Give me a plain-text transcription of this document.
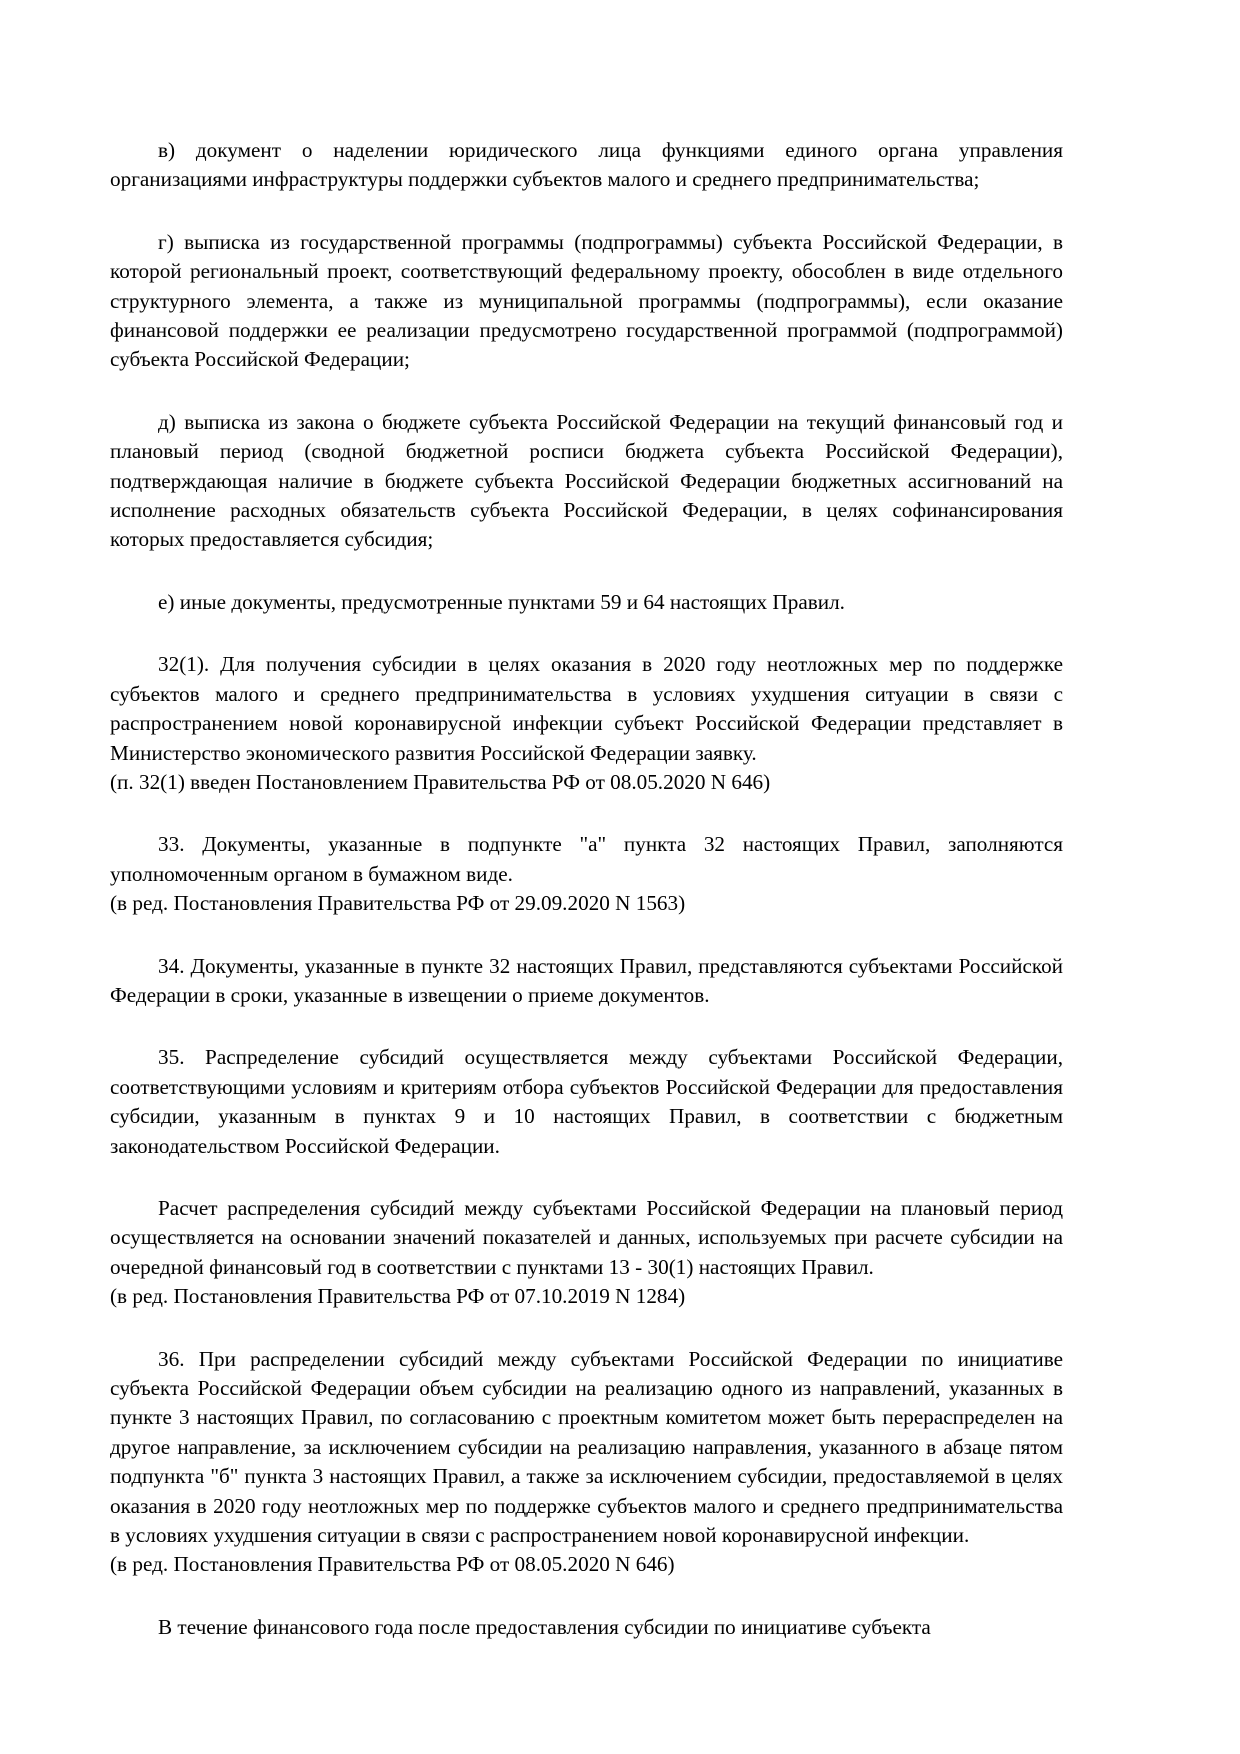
в) документ о наделении юридического лица функциями единого органа управления организациями инфраструктуры поддержки субъектов малого и среднего предпринимательства;

г) выписка из государственной программы (подпрограммы) субъекта Российской Федерации, в которой региональный проект, соответствующий федеральному проекту, обособлен в виде отдельного структурного элемента, а также из муниципальной программы (подпрограммы), если оказание финансовой поддержки ее реализации предусмотрено государственной программой (подпрограммой) субъекта Российской Федерации;

д) выписка из закона о бюджете субъекта Российской Федерации на текущий финансовый год и плановый период (сводной бюджетной росписи бюджета субъекта Российской Федерации), подтверждающая наличие в бюджете субъекта Российской Федерации бюджетных ассигнований на исполнение расходных обязательств субъекта Российской Федерации, в целях софинансирования которых предоставляется субсидия;

е) иные документы, предусмотренные пунктами 59 и 64 настоящих Правил.

32(1). Для получения субсидии в целях оказания в 2020 году неотложных мер по поддержке субъектов малого и среднего предпринимательства в условиях ухудшения ситуации в связи с распространением новой коронавирусной инфекции субъект Российской Федерации представляет в Министерство экономического развития Российской Федерации заявку.

(п. 32(1) введен Постановлением Правительства РФ от 08.05.2020 N 646)

33. Документы, указанные в подпункте "а" пункта 32 настоящих Правил, заполняются уполномоченным органом в бумажном виде.

(в ред. Постановления Правительства РФ от 29.09.2020 N 1563)

34. Документы, указанные в пункте 32 настоящих Правил, представляются субъектами Российской Федерации в сроки, указанные в извещении о приеме документов.

35. Распределение субсидий осуществляется между субъектами Российской Федерации, соответствующими условиям и критериям отбора субъектов Российской Федерации для предоставления субсидии, указанным в пунктах 9 и 10 настоящих Правил, в соответствии с бюджетным законодательством Российской Федерации.

Расчет распределения субсидий между субъектами Российской Федерации на плановый период осуществляется на основании значений показателей и данных, используемых при расчете субсидии на очередной финансовый год в соответствии с пунктами 13 - 30(1) настоящих Правил.

(в ред. Постановления Правительства РФ от 07.10.2019 N 1284)

36. При распределении субсидий между субъектами Российской Федерации по инициативе субъекта Российской Федерации объем субсидии на реализацию одного из направлений, указанных в пункте 3 настоящих Правил, по согласованию с проектным комитетом может быть перераспределен на другое направление, за исключением субсидии на реализацию направления, указанного в абзаце пятом подпункта "б" пункта 3 настоящих Правил, а также за исключением субсидии, предоставляемой в целях оказания в 2020 году неотложных мер по поддержке субъектов малого и среднего предпринимательства в условиях ухудшения ситуации в связи с распространением новой коронавирусной инфекции.

(в ред. Постановления Правительства РФ от 08.05.2020 N 646)

В течение финансового года после предоставления субсидии по инициативе субъекта
